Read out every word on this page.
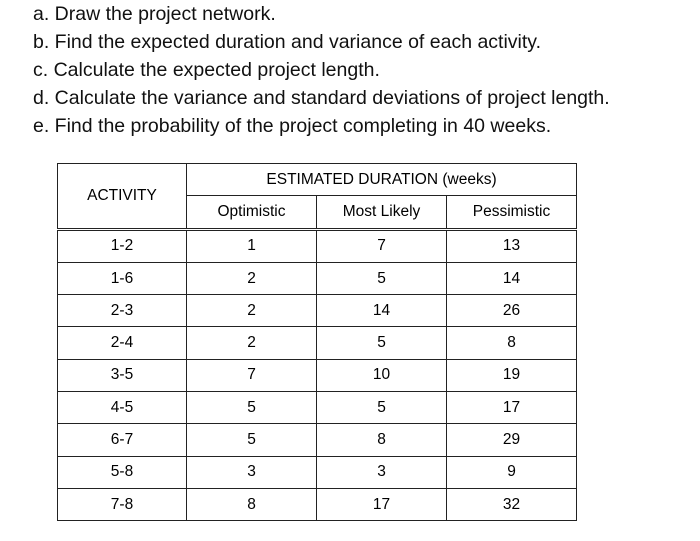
a. Draw the project network.
b. Find the expected duration and variance of each activity.
c. Calculate the expected project length.
d. Calculate the variance and standard deviations of project length.
e. Find the probability of the project completing in 40 weeks.
ACTIVITY	ESTIMATED DURATION (weeks)		
	Optimistic	Most Likely	Pessimistic
1-2	1	7	13
1-6	2	5	14
2-3	2	14	26
2-4	2	5	8
3-5	7	10	19
4-5	5	5	17
6-7	5	8	29
5-8	3	3	9
7-8	8	17	32
